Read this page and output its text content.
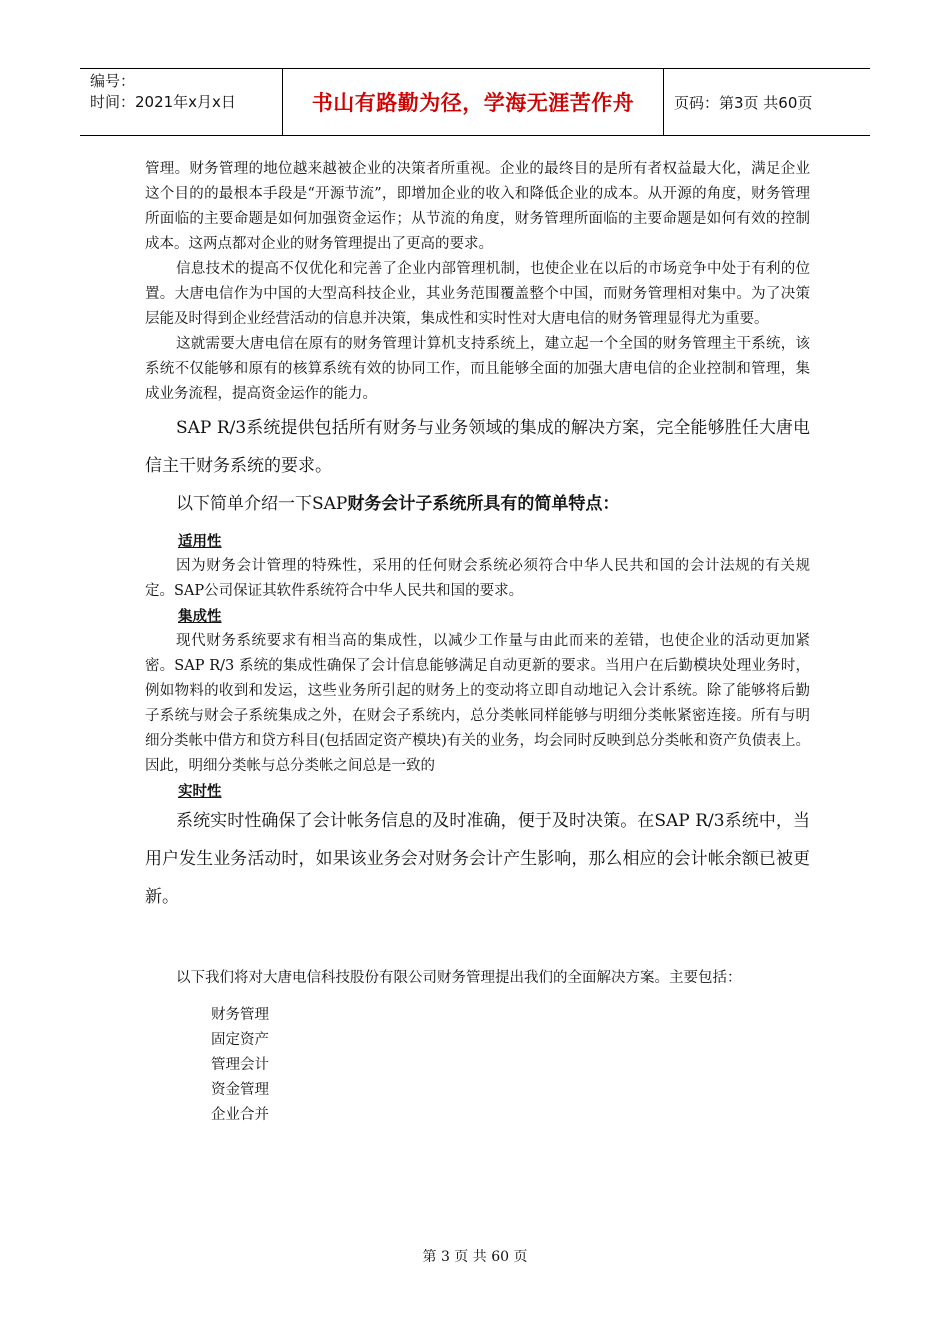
编号：
时间：2021年x月x日	书山有路勤为径，学海无涯苦作舟	页码：第3页 共60页

管理。财务管理的地位越来越被企业的决策者所重视。企业的最终目的是所有者权益最大化，满足企业这个目的的最根本手段是“开源节流”，即增加企业的收入和降低企业的成本。从开源的角度，财务管理所面临的主要命题是如何加强资金运作；从节流的角度，财务管理所面临的主要命题是如何有效的控制成本。这两点都对企业的财务管理提出了更高的要求。

信息技术的提高不仅优化和完善了企业内部管理机制，也使企业在以后的市场竞争中处于有利的位置。大唐电信作为中国的大型高科技企业，其业务范围覆盖整个中国，而财务管理相对集中。为了决策层能及时得到企业经营活动的信息并决策，集成性和实时性对大唐电信的财务管理显得尤为重要。

这就需要大唐电信在原有的财务管理计算机支持系统上，建立起一个全国的财务管理主干系统，该系统不仅能够和原有的核算系统有效的协同工作，而且能够全面的加强大唐电信的企业控制和管理，集成业务流程，提高资金运作的能力。

SAP R/3系统提供包括所有财务与业务领域的集成的解决方案，完全能够胜任大唐电信主干财务系统的要求。

以下简单介绍一下SAP财务会计子系统所具有的简单特点：

适用性

因为财务会计管理的特殊性，采用的任何财会系统必须符合中华人民共和国的会计法规的有关规定。SAP公司保证其软件系统符合中华人民共和国的要求。

集成性

现代财务系统要求有相当高的集成性，以减少工作量与由此而来的差错，也使企业的活动更加紧密。SAP R/3 系统的集成性确保了会计信息能够满足自动更新的要求。当用户在后勤模块处理业务时，例如物料的收到和发运，这些业务所引起的财务上的变动将立即自动地记入会计系统。除了能够将后勤子系统与财会子系统集成之外，在财会子系统内，总分类帐同样能够与明细分类帐紧密连接。所有与明细分类帐中借方和贷方科目(包括固定资产模块)有关的业务，均会同时反映到总分类帐和资产负债表上。因此，明细分类帐与总分类帐之间总是一致的

实时性

系统实时性确保了会计帐务信息的及时准确，便于及时决策。在SAP R/3系统中，当用户发生业务活动时，如果该业务会对财务会计产生影响，那么相应的会计帐余额已被更新。

以下我们将对大唐电信科技股份有限公司财务管理提出我们的全面解决方案。主要包括：

财务管理
固定资产
管理会计
资金管理
企业合并
第 3 页 共 60 页
